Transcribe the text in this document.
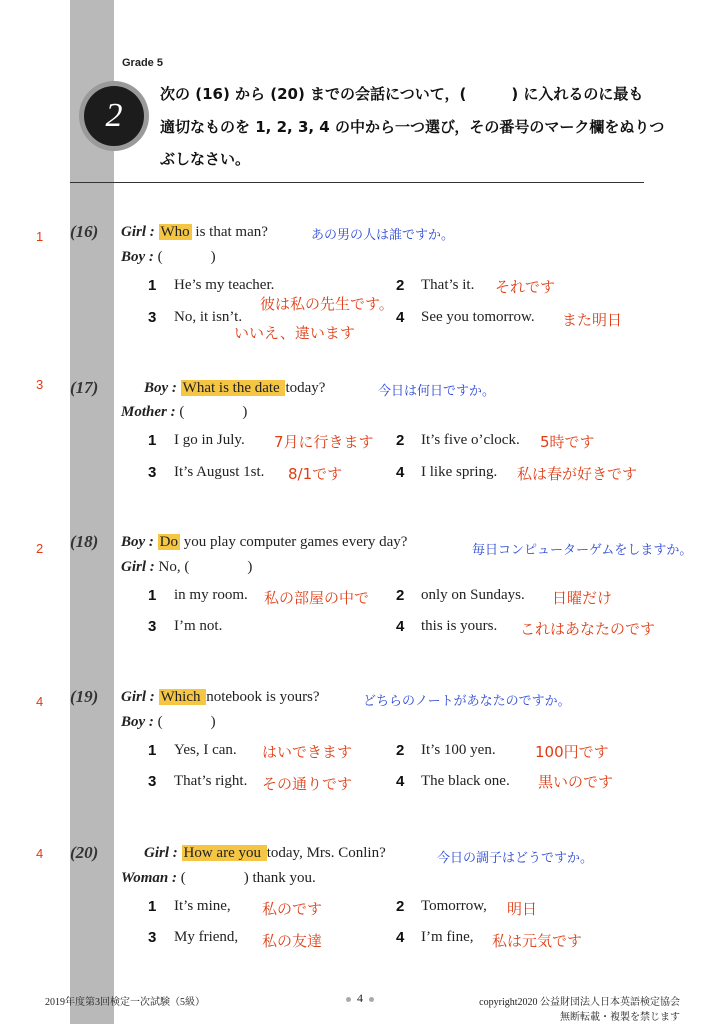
Grade 5
2
次の (16) から (20) までの会話について，(　　　) に入れるのに最も
適切なものを 1, 2, 3, 4 の中から一つ選び，その番号のマーク欄をぬりつ
ぶしなさい。
1 (16) Girl : Who is that man?	あの男の人は誰ですか。
Boy : (	)
1 He’s my teacher.	2 That’s it. それです
彼は私の先生です。
3 No, it isn’t.	4 See you tomorrow. また明日
いいえ、違います
3 (17)	Boy : What is the date today?	今日は何日ですか。
Mother : (	)
1 I go in July. 7月に行きます 2 It’s five o’clock. 5時です
3 It’s August 1st. 8/1です	4 I like spring. 私は春が好きです
2 (18) Boy : Do you play computer games every day?
毎日コンピューターゲムをしますか。
Girl : No, (	)
1 in my room. 私の部屋の中で 2 only on Sundays. 日曜だけ
3 I’m not.	4 this is yours. これはあなたのです
4 (19) Girl : Which notebook is yours?	どちらのノートがあなたのですか。
Boy : (	)
1 Yes, I can. はいできます	2 It’s 100 yen.	100円です
3 That’s right. その通りです	4 The black one. 黒いのです
4 (20)	Girl : How are you today, Mrs. Conlin?	今日の調子はどうですか。
Woman : (	) thank you.
1 It’s mine, 私のです	2 Tomorrow, 明日
3 My friend, 私の友達	4 I’m fine, 私は元気です
2019年度第3回検定一次試験（5級）	4	copyright2020 公益財団法人日本英語検定協会
無断転載・複製を禁じます
